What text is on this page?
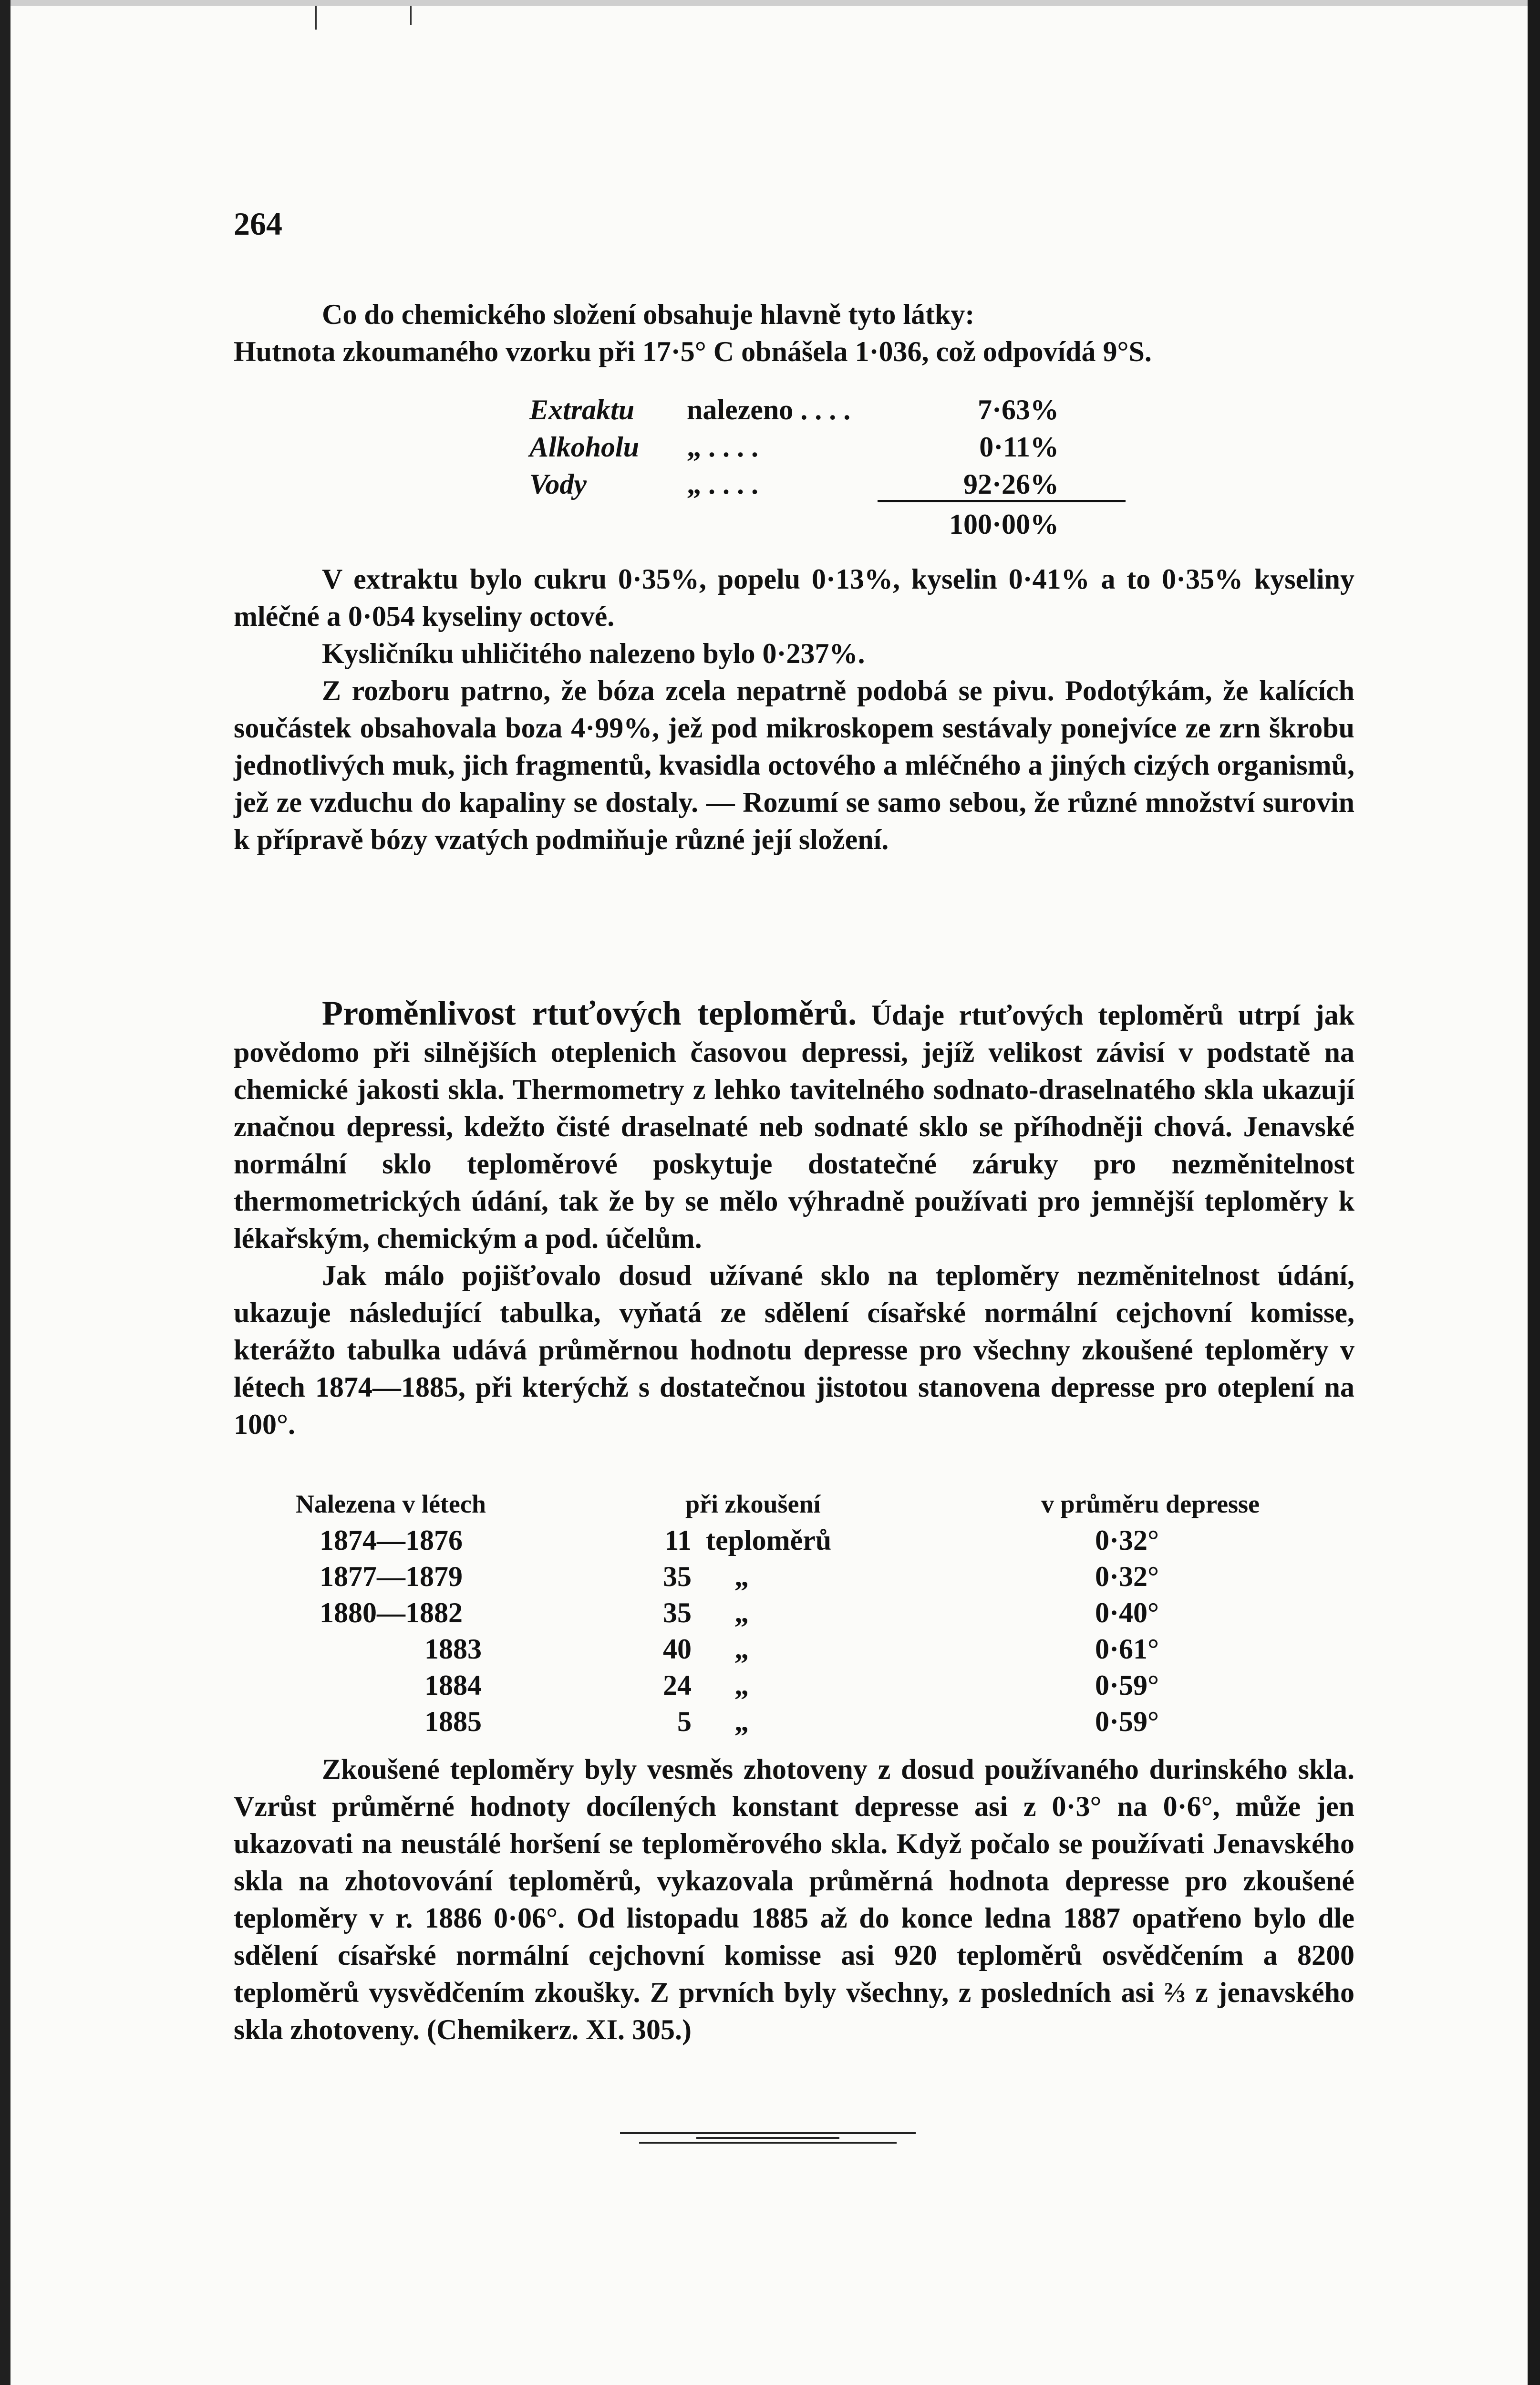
264

Co do chemického složení obsahuje hlavně tyto látky:

Hutnota zkoumaného vzorku při 17·5° C obnášela 1·036, což odpovídá 9°S.

Extraktu	nalezeno . . . .	7·63%
Alkoholu	„ . . . .	0·11%
Vody	„ . . . .	92·26%
100·00%

V extraktu bylo cukru 0·35%, popelu 0·13%, kyselin 0·41% a to 0·35% kyseliny mléčné a 0·054 kyseliny octové.

Kysličníku uhličitého nalezeno bylo 0·237%.

Z rozboru patrno, že bóza zcela nepatrně podobá se pivu. Podotýkám, že kalících součástek obsahovala boza 4·99%, jež pod mikroskopem sestávaly ponejvíce ze zrn škrobu jednotlivých muk, jich fragmentů, kvasidla octového a mléčného a jiných cizých organismů, jež ze vzduchu do kapaliny se dostaly. — Rozumí se samo sebou, že různé množství surovin k přípravě bózy vzatých podmiňuje různé její složení.

Proměnlivost rtuťových teploměrů. Údaje rtuťových teploměrů utrpí jak povědomo při silnějších oteplenich časovou depressi, jejíž velikost závisí v podstatě na chemické jakosti skla. Thermometry z lehko tavitelného sodnato-draselnatého skla ukazují značnou depressi, kdežto čisté draselnaté neb sodnaté sklo se příhodněji chová. Jenavské normální sklo teploměrové poskytuje dostatečné záruky pro nezměnitelnost thermometrických údání, tak že by se mělo výhradně používati pro jemnější teploměry k lékařským, chemickým a pod. účelům.

Jak málo pojišťovalo dosud užívané sklo na teploměry nezměnitelnost údání, ukazuje následující tabulka, vyňatá ze sdělení císařské normální cejchovní komisse, kterážto tabulka udává průměrnou hodnotu depresse pro všechny zkoušené teploměry v létech 1874—1885, při kterýchž s dostatečnou jistotou stanovena depresse pro oteplení na 100°.

Nalezena v létech	při zkoušení	v průměru depresse
1874—1876	11 teploměrů	0·32°
1877—1879	35	„	0·32°
1880—1882	35	„	0·40°
1883	40	„	0·61°
1884	24	„	0·59°
1885	5	„	0·59°

Zkoušené teploměry byly vesměs zhotoveny z dosud používaného durinského skla. Vzrůst průměrné hodnoty docílených konstant depresse asi z 0·3° na 0·6°, může jen ukazovati na neustálé horšení se teploměrového skla. Když počalo se používati Jenavského skla na zhotovování teploměrů, vykazovala průměrná hodnota depresse pro zkoušené teploměry v r. 1886 0·06°. Od listopadu 1885 až do konce ledna 1887 opatřeno bylo dle sdělení císařské normální cejchovní komisse asi 920 teploměrů osvědčením a 8200 teploměrů vysvědčením zkoušky. Z prvních byly všechny, z posledních asi ⅔ z jenavského skla zhotoveny. (Chemikerz. XI. 305.)
